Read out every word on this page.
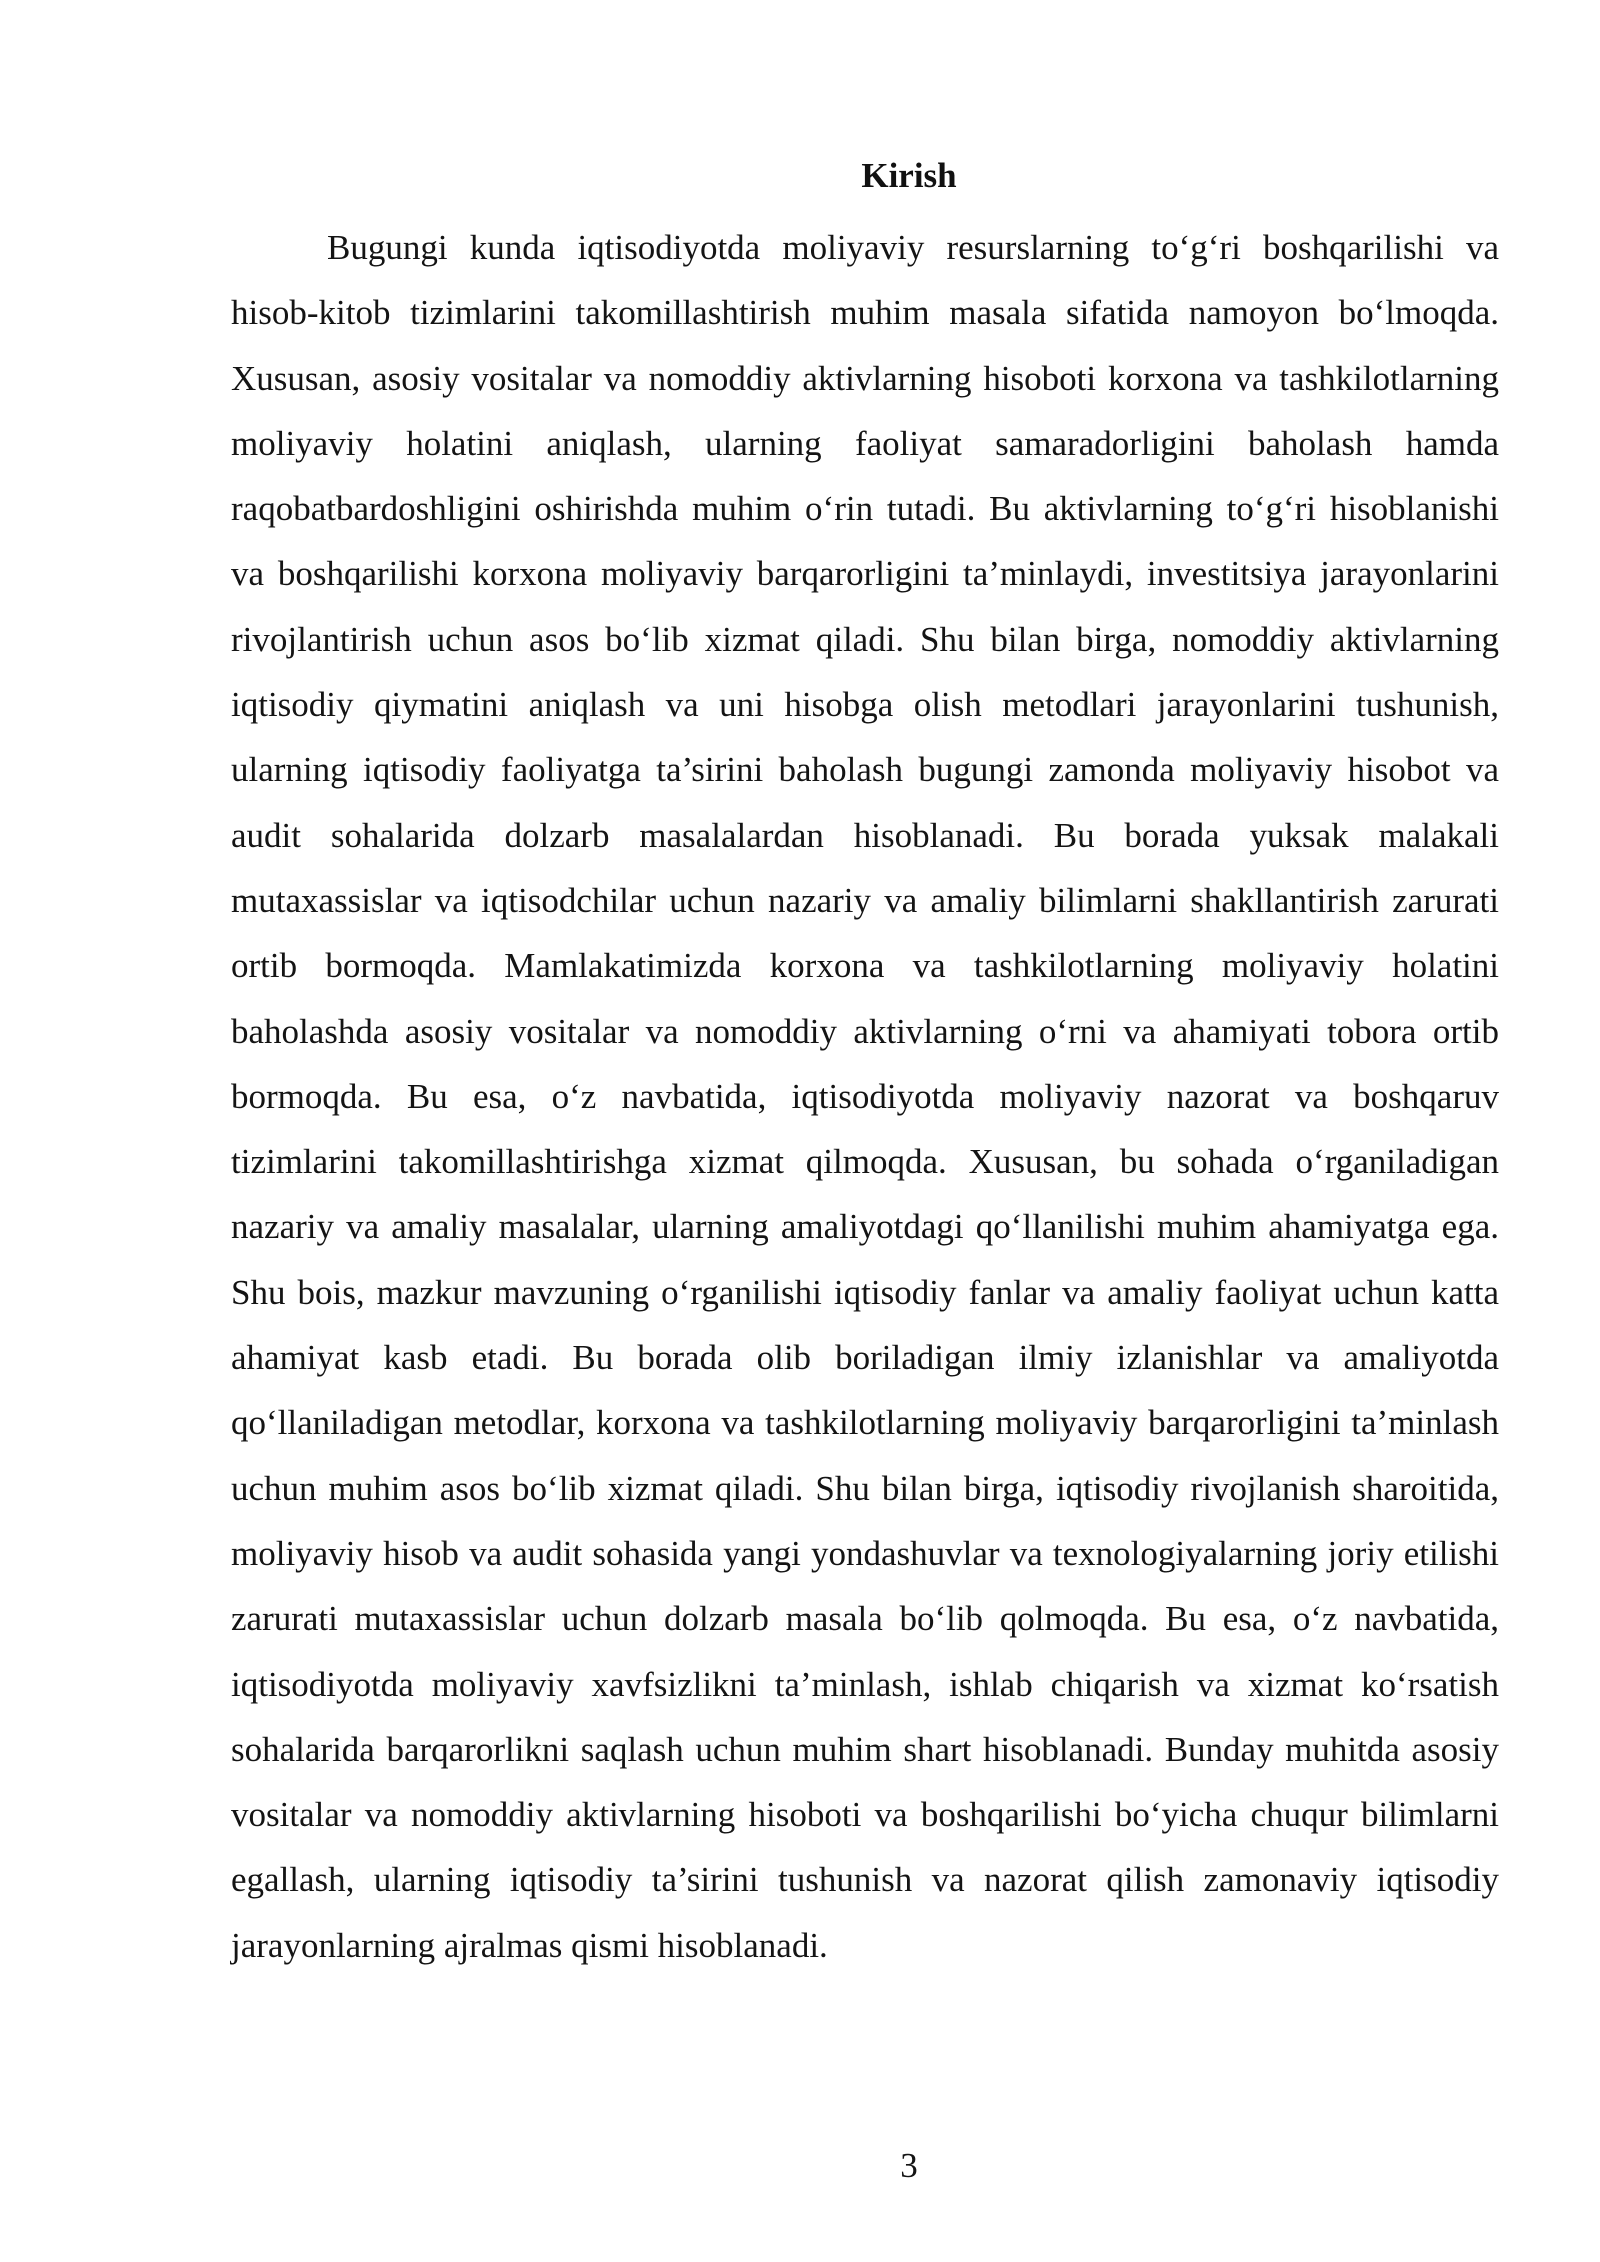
Kirish

Bugungi kunda iqtisodiyotda moliyaviy resurslarning to‘g‘ri boshqarilishi va hisob-kitob tizimlarini takomillashtirish muhim masala sifatida namoyon bo‘lmoqda. Xususan, asosiy vositalar va nomoddiy aktivlarning hisoboti korxona va tashkilotlarning moliyaviy holatini aniqlash, ularning faoliyat samaradorligini baholash hamda raqobatbardoshligini oshirishda muhim o‘rin tutadi. Bu aktivlarning to‘g‘ri hisoblanishi va boshqarilishi korxona moliyaviy barqarorligini ta’minlaydi, investitsiya jarayonlarini rivojlantirish uchun asos bo‘lib xizmat qiladi. Shu bilan birga, nomoddiy aktivlarning iqtisodiy qiymatini aniqlash va uni hisobga olish metodlari jarayonlarini tushunish, ularning iqtisodiy faoliyatga ta’sirini baholash bugungi zamonda moliyaviy hisobot va audit sohalarida dolzarb masalalardan hisoblanadi. Bu borada yuksak malakali mutaxassislar va iqtisodchilar uchun nazariy va amaliy bilimlarni shakllantirish zarurati ortib bormoqda. Mamlakatimizda korxona va tashkilotlarning moliyaviy holatini baholashda asosiy vositalar va nomoddiy aktivlarning o‘rni va ahamiyati tobora ortib bormoqda. Bu esa, o‘z navbatida, iqtisodiyotda moliyaviy nazorat va boshqaruv tizimlarini takomillashtirishga xizmat qilmoqda. Xususan, bu sohada o‘rganiladigan nazariy va amaliy masalalar, ularning amaliyotdagi qo‘llanilishi muhim ahamiyatga ega. Shu bois, mazkur mavzuning o‘rganilishi iqtisodiy fanlar va amaliy faoliyat uchun katta ahamiyat kasb etadi. Bu borada olib boriladigan ilmiy izlanishlar va amaliyotda qo‘llaniladigan metodlar, korxona va tashkilotlarning moliyaviy barqarorligini ta’minlash uchun muhim asos bo‘lib xizmat qiladi. Shu bilan birga, iqtisodiy rivojlanish sharoitida, moliyaviy hisob va audit sohasida yangi yondashuvlar va texnologiyalarning joriy etilishi zarurati mutaxassislar uchun dolzarb masala bo‘lib qolmoqda. Bu esa, o‘z navbatida, iqtisodiyotda moliyaviy xavfsizlikni ta’minlash, ishlab chiqarish va xizmat ko‘rsatish sohalarida barqarorlikni saqlash uchun muhim shart hisoblanadi. Bunday muhitda asosiy vositalar va nomoddiy aktivlarning hisoboti va boshqarilishi bo‘yicha chuqur bilimlarni egallash, ularning iqtisodiy ta’sirini tushunish va nazorat qilish zamonaviy iqtisodiy jarayonlarning ajralmas qismi hisoblanadi.

3
